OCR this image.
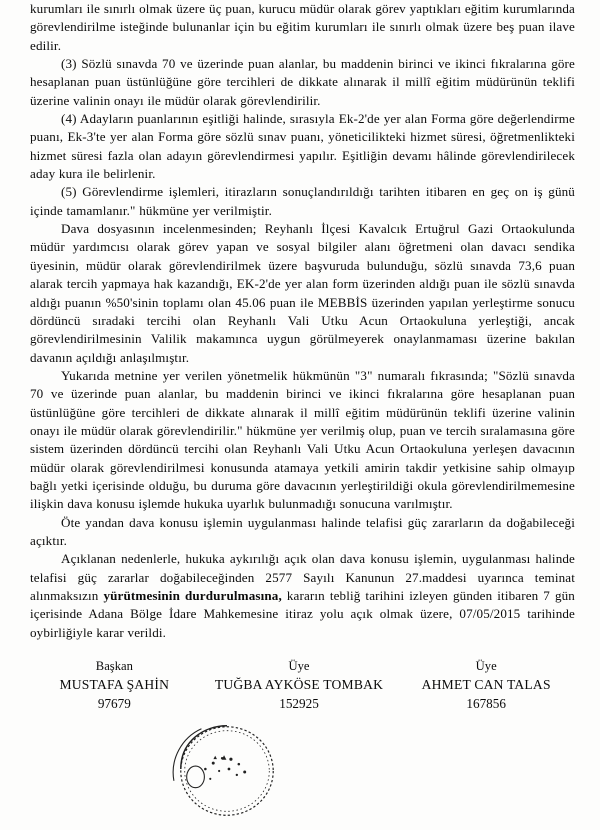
kurumları ile sınırlı olmak üzere üç puan, kurucu müdür olarak görev yaptıkları eğitim kurumlarında görevlendirilme isteğinde bulunanlar için bu eğitim kurumları ile sınırlı olmak üzere beş puan ilave edilir.

(3) Sözlü sınavda 70 ve üzerinde puan alanlar, bu maddenin birinci ve ikinci fıkralarına göre hesaplanan puan üstünlüğüne göre tercihleri de dikkate alınarak il millî eğitim müdürünün teklifi üzerine valinin onayı ile müdür olarak görevlendirilir.

(4) Adayların puanlarının eşitliği halinde, sırasıyla Ek-2'de yer alan Forma göre değerlendirme puanı, Ek-3'te yer alan Forma göre sözlü sınav puanı, yöneticilikteki hizmet süresi, öğretmenlikteki hizmet süresi fazla olan adayın görevlendirmesi yapılır. Eşitliğin devamı hâlinde görevlendirilecek aday kura ile belirlenir.

(5) Görevlendirme işlemleri, itirazların sonuçlandırıldığı tarihten itibaren en geç on iş günü içinde tamamlanır." hükmüne yer verilmiştir.

Dava dosyasının incelenmesinden; Reyhanlı İlçesi Kavalcık Ertuğrul Gazi Ortaokulunda müdür yardımcısı olarak görev yapan ve sosyal bilgiler alanı öğretmeni olan davacı sendika üyesinin, müdür olarak görevlendirilmek üzere başvuruda bulunduğu, sözlü sınavda 73,6 puan alarak tercih yapmaya hak kazandığı, EK-2'de yer alan form üzerinden aldığı puan ile sözlü sınavda aldığı puanın %50'sinin toplamı olan 45.06 puan ile MEBBİS üzerinden yapılan yerleştirme sonucu dördüncü sıradaki tercihi olan Reyhanlı Vali Utku Acun Ortaokuluna yerleştiği, ancak görevlendirilmesinin Valilik makamınca uygun görülmeyerek onaylanmaması üzerine bakılan davanın açıldığı anlaşılmıştır.

Yukarıda metnine yer verilen yönetmelik hükmünün "3" numaralı fıkrasında; "Sözlü sınavda 70 ve üzerinde puan alanlar, bu maddenin birinci ve ikinci fıkralarına göre hesaplanan puan üstünlüğüne göre tercihleri de dikkate alınarak il millî eğitim müdürünün teklifi üzerine valinin onayı ile müdür olarak görevlendirilir." hükmüne yer verilmiş olup, puan ve tercih sıralamasına göre sistem üzerinden dördüncü tercihi olan Reyhanlı Vali Utku Acun Ortaokuluna yerleşen davacının müdür olarak görevlendirilmesi konusunda atamaya yetkili amirin takdir yetkisine sahip olmayıp bağlı yetki içerisinde olduğu, bu duruma göre davacının yerleştirildiği okula görevlendirilmemesine ilişkin dava konusu işlemde hukuka uyarlık bulunmadığı sonucuna varılmıştır.

Öte yandan dava konusu işlemin uygulanması halinde telafisi güç zararların da doğabileceği açıktır.

Açıklanan nedenlerle, hukuka aykırılığı açık olan dava konusu işlemin, uygulanması halinde telafisi güç zararlar doğabileceğinden 2577 Sayılı Kanunun 27.maddesi uyarınca teminat alınmaksızın yürütmesinin durdurulmasına, kararın tebliğ tarihini izleyen günden itibaren 7 gün içerisinde Adana Bölge İdare Mahkemesine itiraz yolu açık olmak üzere, 07/05/2015 tarihinde oybirliğiyle karar verildi.

Başkan
MUSTAFA ŞAHİN
97679
Üye
TUĞBA AYKÖSE TOMBAK
152925
Üye
AHMET CAN TALAS
167856
